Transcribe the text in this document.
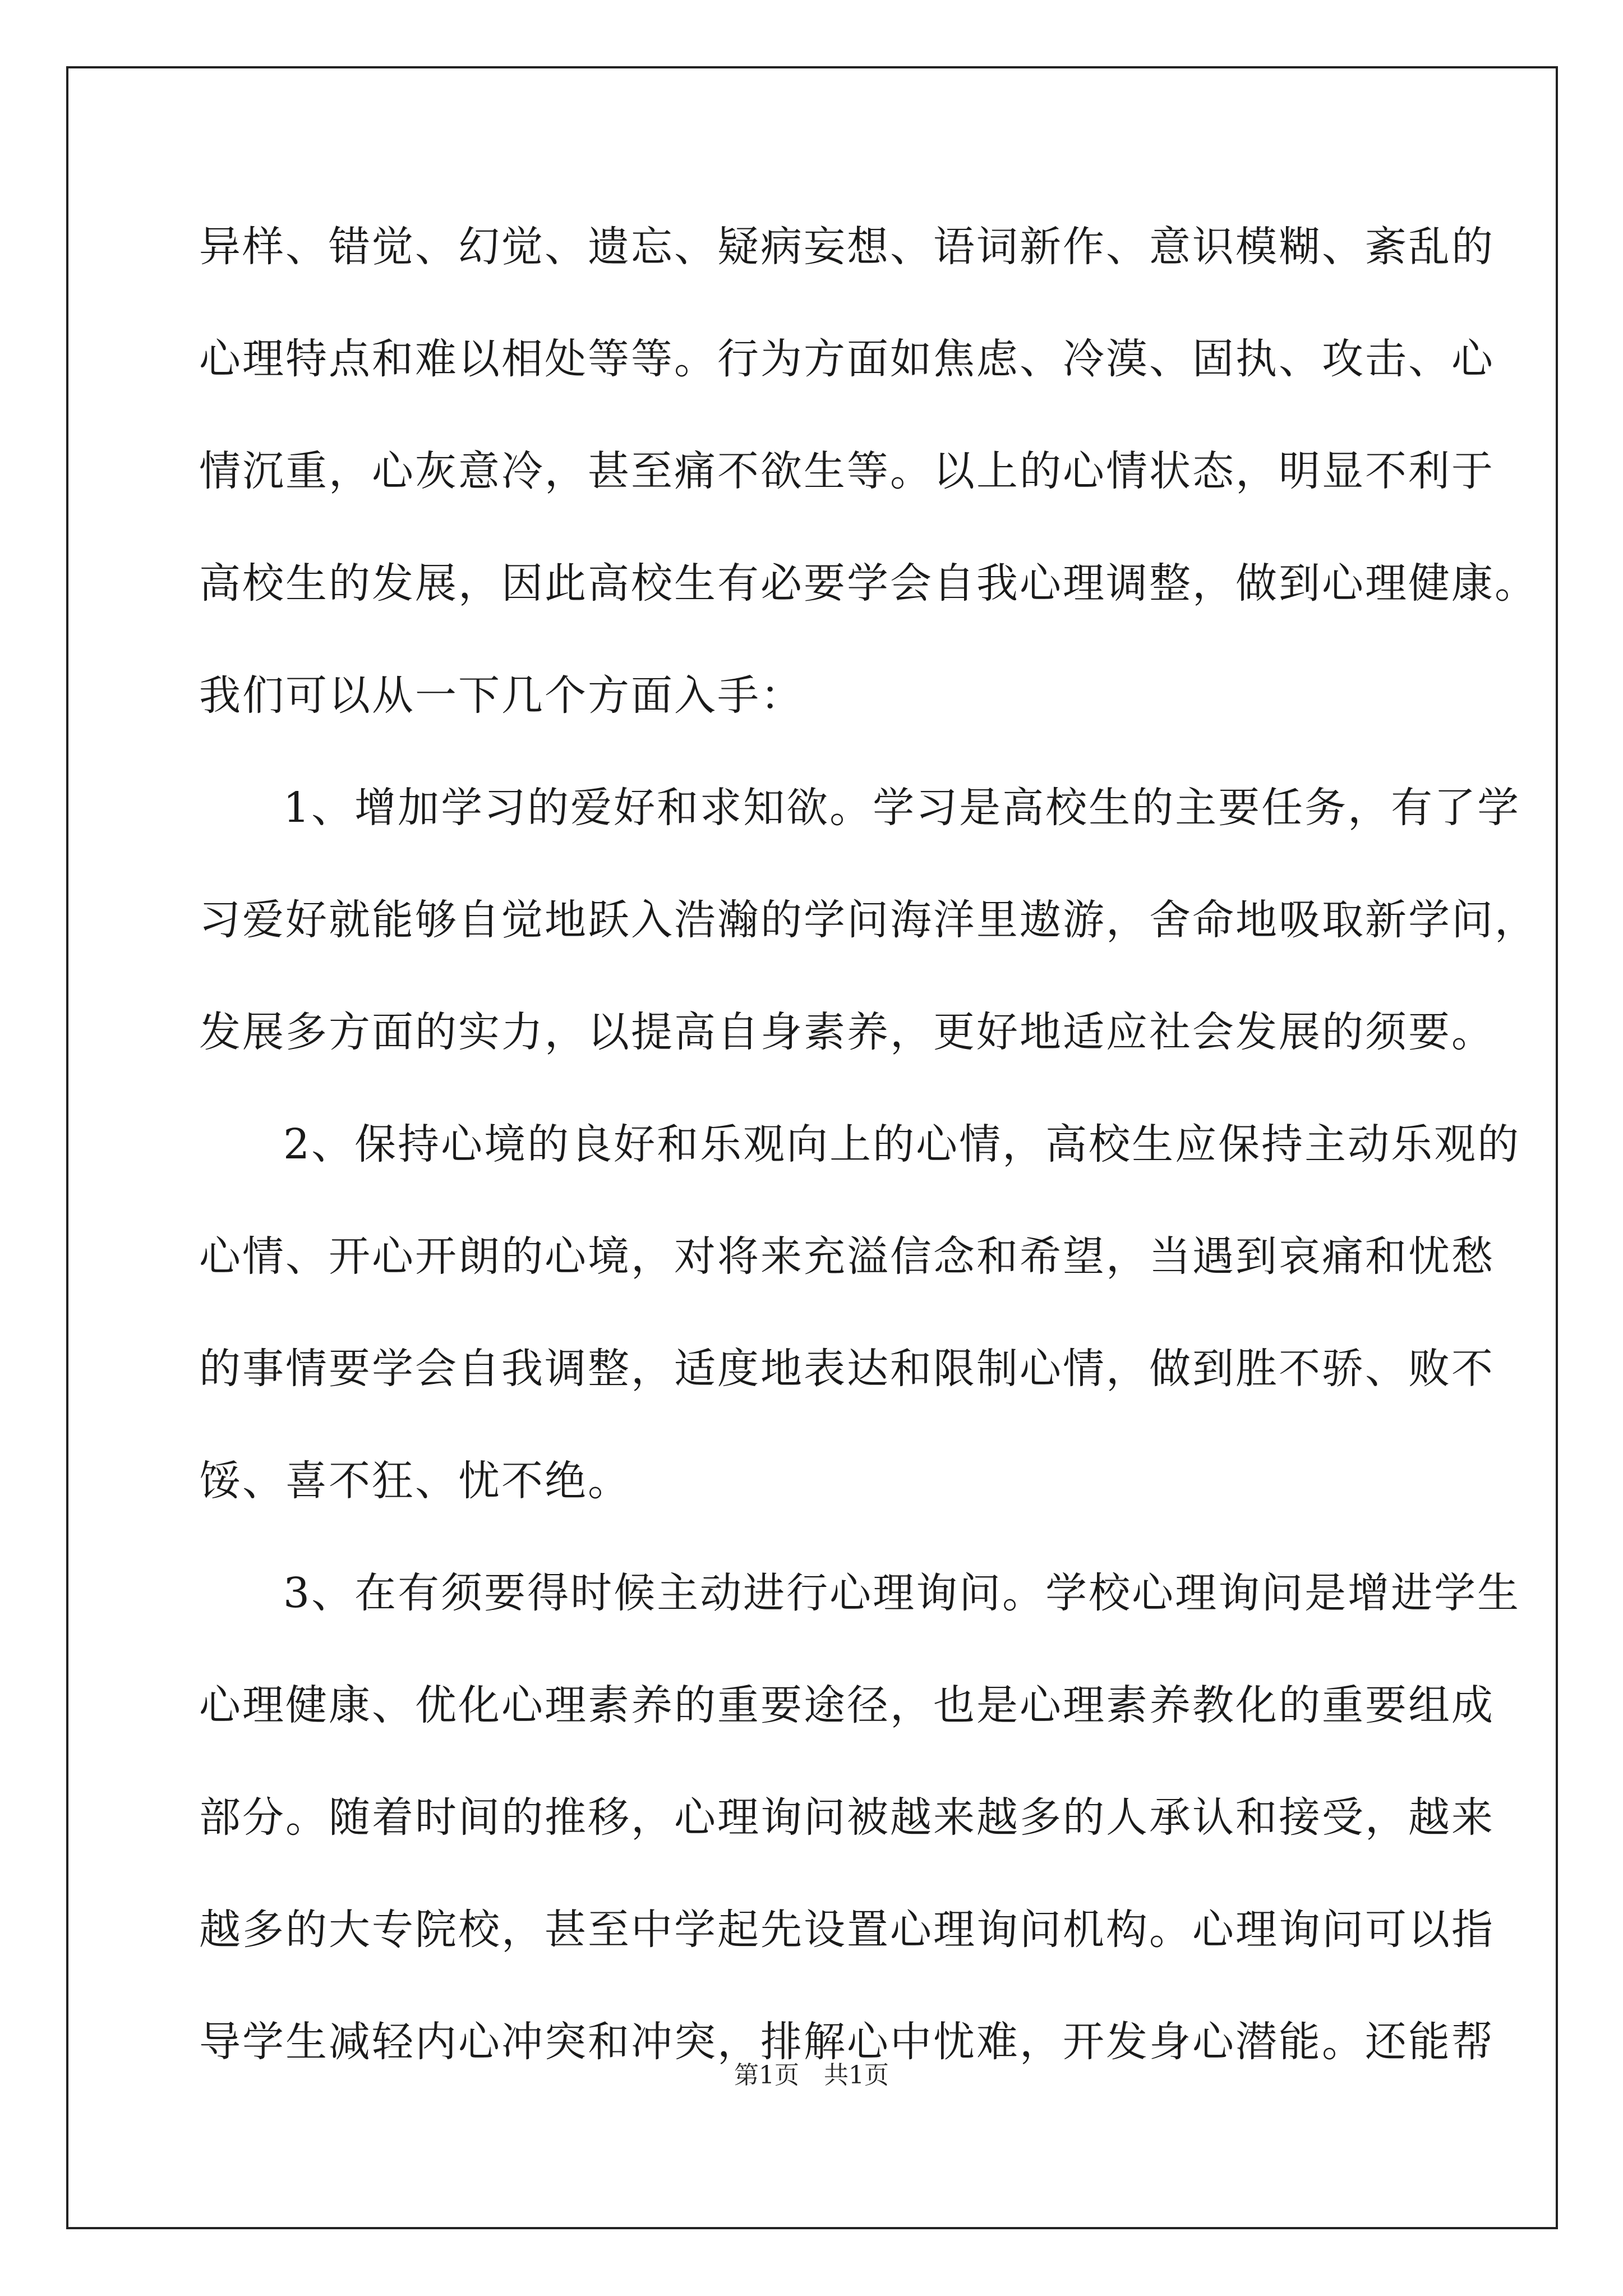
异样、错觉、幻觉、遗忘、疑病妄想、语词新作、意识模糊、紊乱的
心理特点和难以相处等等。行为方面如焦虑、冷漠、固执、攻击、心
情沉重，心灰意冷，甚至痛不欲生等。以上的心情状态，明显不利于
高校生的发展，因此高校生有必要学会自我心理调整，做到心理健康。
我们可以从一下几个方面入手：
1、增加学习的爱好和求知欲。学习是高校生的主要任务，有了学
习爱好就能够自觉地跃入浩瀚的学问海洋里遨游，舍命地吸取新学问，
发展多方面的实力，以提高自身素养，更好地适应社会发展的须要。
2、保持心境的良好和乐观向上的心情，高校生应保持主动乐观的
心情、开心开朗的心境，对将来充溢信念和希望，当遇到哀痛和忧愁
的事情要学会自我调整，适度地表达和限制心情，做到胜不骄、败不
馁、喜不狂、忧不绝。
3、在有须要得时候主动进行心理询问。学校心理询问是增进学生
心理健康、优化心理素养的重要途径，也是心理素养教化的重要组成
部分。随着时间的推移，心理询问被越来越多的人承认和接受，越来
越多的大专院校，甚至中学起先设置心理询问机构。心理询问可以指
导学生减轻内心冲突和冲突，排解心中忧难，开发身心潜能。还能帮
第1页　共1页
